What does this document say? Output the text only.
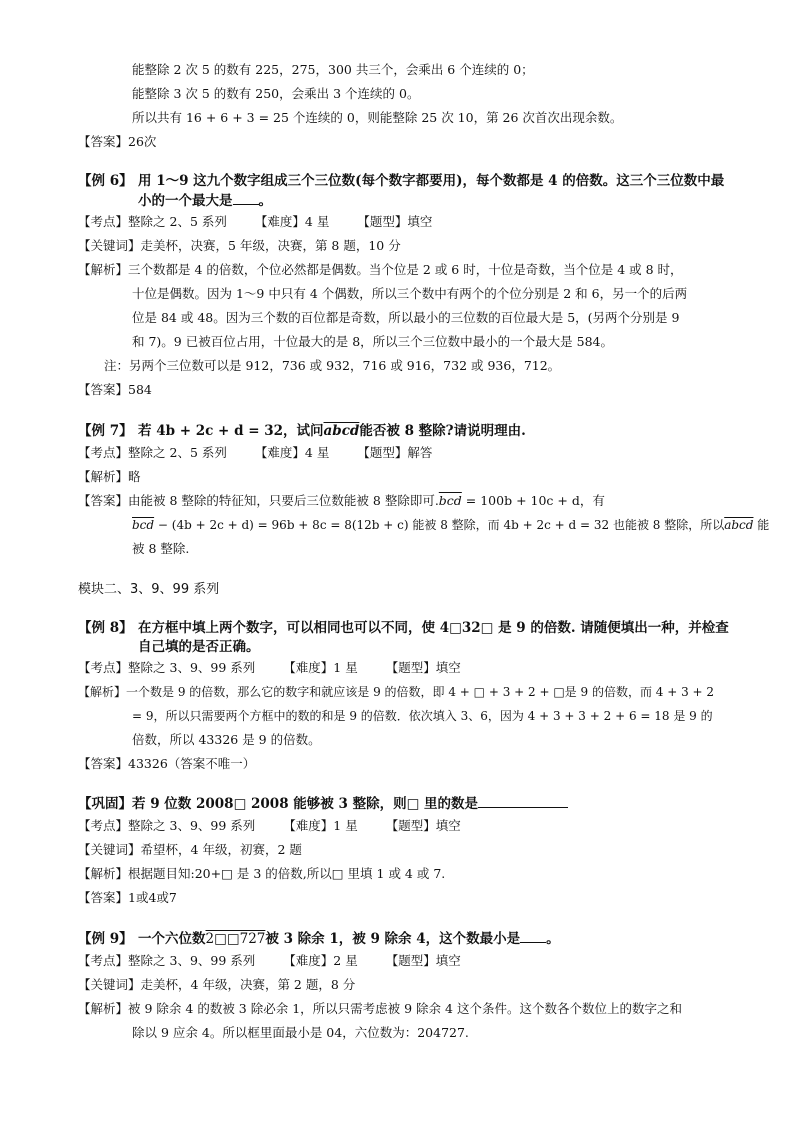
能整除 2 次 5 的数有 225，275，300 共三个，会乘出 6 个连续的 0；
能整除 3 次 5 的数有 250，会乘出 3 个连续的 0。
所以共有 16 + 6 + 3 = 25 个连续的 0，则能整除 25 次 10，第 26 次首次出现余数。
【答案】26次
【例 6】 用 1～9 这九个数字组成三个三位数(每个数字都要用)，每个数都是 4 的倍数。这三个三位数中最
小的一个最大是 。
【考点】整除之 2、5 系列 【难度】4 星 【题型】填空
【关键词】走美杯，决赛，5 年级，决赛，第 8 题，10 分
【解析】三个数都是 4 的倍数，个位必然都是偶数。当个位是 2 或 6 时，十位是奇数，当个位是 4 或 8 时，
十位是偶数。因为 1～9 中只有 4 个偶数，所以三个数中有两个的个位分别是 2 和 6，另一个的后两
位是 84 或 48。因为三个数的百位都是奇数，所以最小的三位数的百位最大是 5，(另两个分别是 9
和 7)。9 已被百位占用，十位最大的是 8，所以三个三位数中最小的一个最大是 584。
注：另两个三位数可以是 912，736 或 932，716 或 916，732 或 936，712。
【答案】584
【例 7】 若 4b + 2c + d = 32，试问abcd能否被 8 整除?请说明理由.
【考点】整除之 2、5 系列 【难度】4 星 【题型】解答
【解析】略
【答案】由能被 8 整除的特征知，只要后三位数能被 8 整除即可$.\overline{bcd} = 100b + 10c + d$，有
$\overline{bcd} - (4b + 2c + d) = 96b + 8c = 8(12b + c)$ 能被 8 整除，而 4b + 2c + d = 32 也能被 8 整除，所以abcd 能
被 8 整除.
模块二、3、9、99 系列
【例 8】 在方框中填上两个数字，可以相同也可以不同，使 4□32□ 是 9 的倍数. 请随便填出一种，并检查
自己填的是否正确。
【考点】整除之 3、9、99 系列 【难度】1 星 【题型】填空
【解析】一个数是 9 的倍数，那么它的数字和就应该是 9 的倍数，即 4 + □ + 3 + 2 + □是 9 的倍数，而 4 + 3 + 2
= 9，所以只需要两个方框中的数的和是 9 的倍数．依次填入 3、6，因为 4 + 3 + 3 + 2 + 6 = 18 是 9 的
倍数，所以 43326 是 9 的倍数。
【答案】43326（答案不唯一）
【巩固】若 9 位数 2008□ 2008 能够被 3 整除，则□ 里的数是
【考点】整除之 3、9、99 系列 【难度】1 星 【题型】填空
【关键词】希望杯，4 年级，初赛，2 题
【解析】根据题目知:20+□ 是 3 的倍数,所以□ 里填 1 或 4 或 7.
【答案】1或4或7
【例 9】 一个六位数2□□727被 3 除余 1，被 9 除余 4，这个数最小是 。
【考点】整除之 3、9、99 系列 【难度】2 星 【题型】填空
【关键词】走美杯，4 年级，决赛，第 2 题，8 分
【解析】被 9 除余 4 的数被 3 除必余 1，所以只需考虑被 9 除余 4 这个条件。这个数各个数位上的数字之和
除以 9 应余 4。所以框里面最小是 04，六位数为：204727.
